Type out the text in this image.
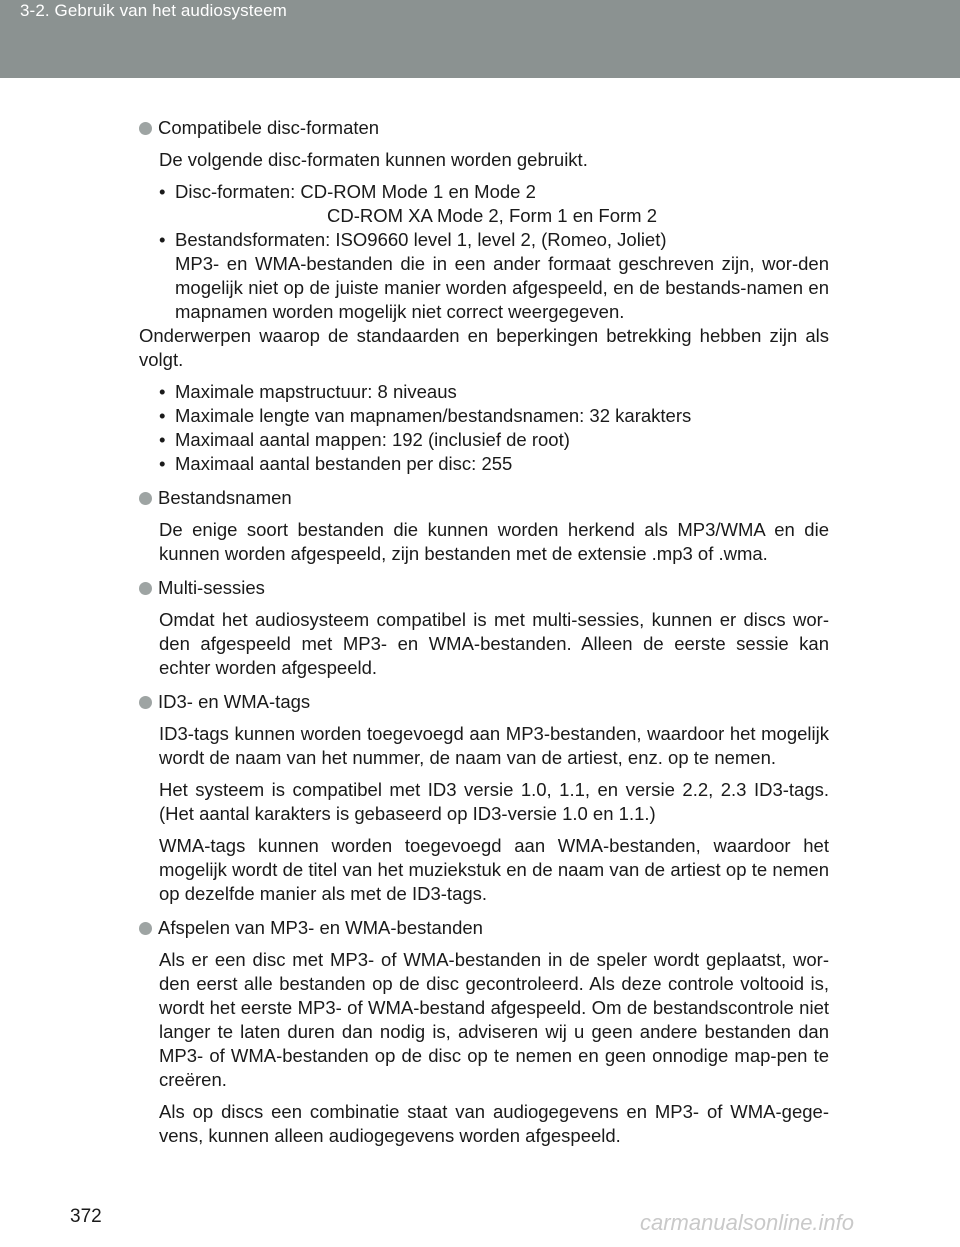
3-2. Gebruik van het audiosysteem
Compatibele disc-formaten
De volgende disc-formaten kunnen worden gebruikt.
• Disc-formaten: CD-ROM Mode 1 en Mode 2
CD-ROM XA Mode 2, Form 1 en Form 2
• Bestandsformaten: ISO9660 level 1, level 2, (Romeo, Joliet)
MP3- en WMA-bestanden die in een ander formaat geschreven zijn, wor-den mogelijk niet op de juiste manier worden afgespeeld, en de bestands-namen en mapnamen worden mogelijk niet correct weergegeven.
Onderwerpen waarop de standaarden en beperkingen betrekking hebben zijn als volgt.
• Maximale mapstructuur: 8 niveaus
• Maximale lengte van mapnamen/bestandsnamen: 32 karakters
• Maximaal aantal mappen: 192 (inclusief de root)
• Maximaal aantal bestanden per disc: 255
Bestandsnamen
De enige soort bestanden die kunnen worden herkend als MP3/WMA en die kunnen worden afgespeeld, zijn bestanden met de extensie .mp3 of .wma.
Multi-sessies
Omdat het audiosysteem compatibel is met multi-sessies, kunnen er discs wor-den afgespeeld met MP3- en WMA-bestanden. Alleen de eerste sessie kan echter worden afgespeeld.
ID3- en WMA-tags
ID3-tags kunnen worden toegevoegd aan MP3-bestanden, waardoor het mogelijk wordt de naam van het nummer, de naam van de artiest, enz. op te nemen.
Het systeem is compatibel met ID3 versie 1.0, 1.1, en versie 2.2, 2.3 ID3-tags. (Het aantal karakters is gebaseerd op ID3-versie 1.0 en 1.1.)
WMA-tags kunnen worden toegevoegd aan WMA-bestanden, waardoor het mogelijk wordt de titel van het muziekstuk en de naam van de artiest op te nemen op dezelfde manier als met de ID3-tags.
Afspelen van MP3- en WMA-bestanden
Als er een disc met MP3- of WMA-bestanden in de speler wordt geplaatst, wor-den eerst alle bestanden op de disc gecontroleerd. Als deze controle voltooid is, wordt het eerste MP3- of WMA-bestand afgespeeld. Om de bestandscontrole niet langer te laten duren dan nodig is, adviseren wij u geen andere bestanden dan MP3- of WMA-bestanden op de disc op te nemen en geen onnodige map-pen te creëren.
Als op discs een combinatie staat van audiogegevens en MP3- of WMA-gege-vens, kunnen alleen audiogegevens worden afgespeeld.
372	carmanualsonline.info
